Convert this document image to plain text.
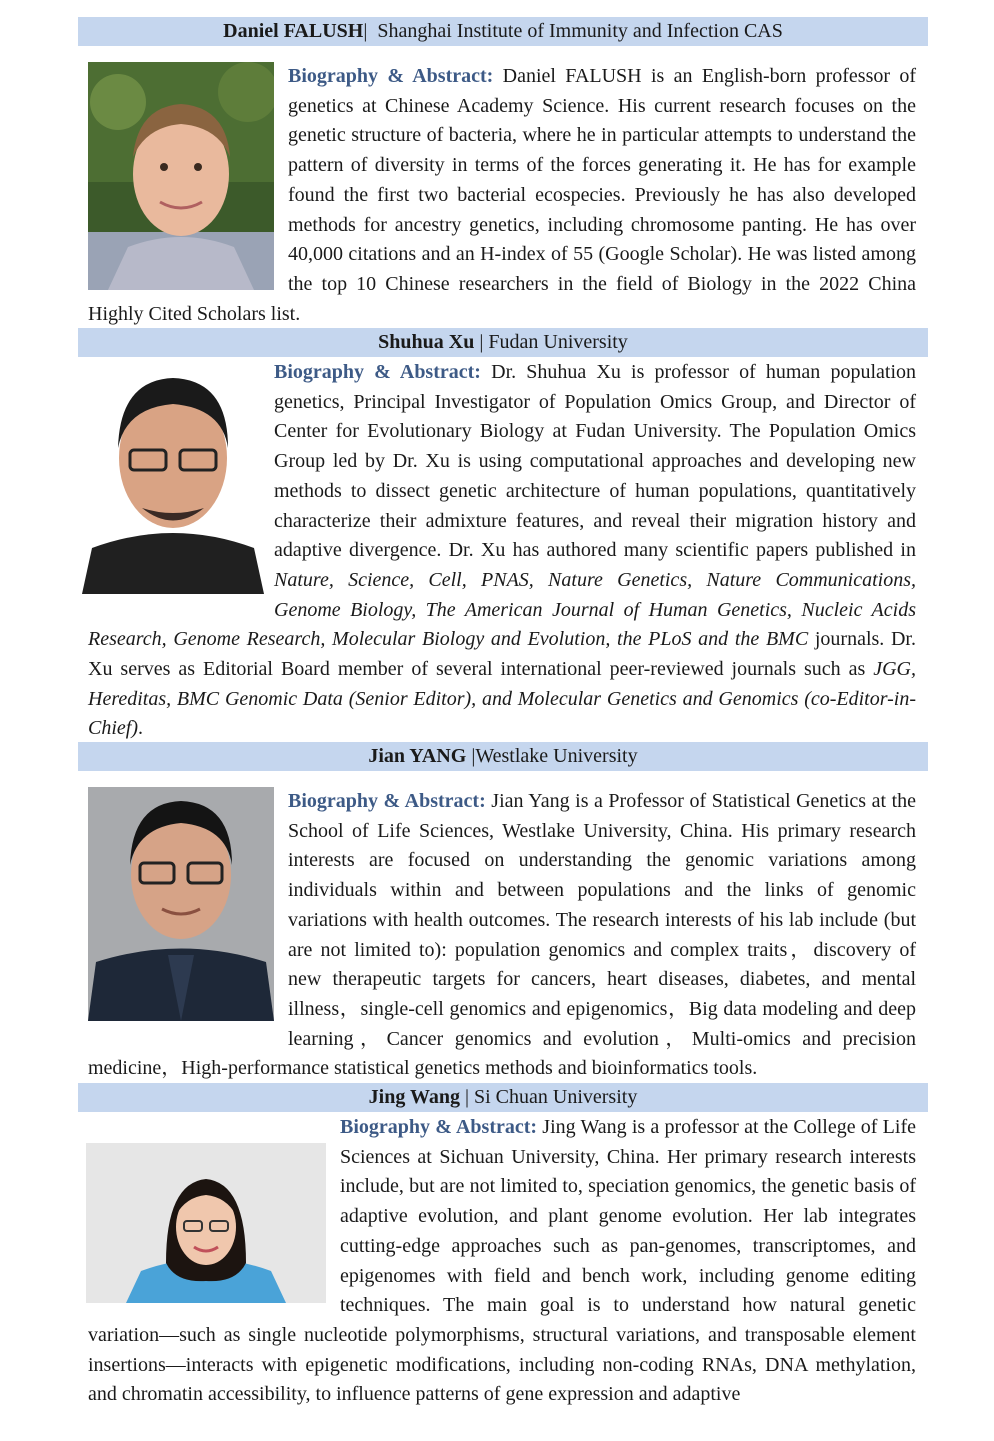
Daniel FALUSH| Shanghai Institute of Immunity and Infection CAS
Biography & Abstract: Daniel FALUSH is an English-born professor of genetics at Chinese Academy Science. His current research focuses on the genetic structure of bacteria, where he in particular attempts to understand the pattern of diversity in terms of the forces generating it. He has for example found the first two bacterial ecospecies. Previously he has also developed methods for ancestry genetics, including chromosome panting. He has over 40,000 citations and an H-index of 55 (Google Scholar). He was listed among the top 10 Chinese researchers in the field of Biology in the 2022 China Highly Cited Scholars list.
Shuhua Xu | Fudan University
Biography & Abstract: Dr. Shuhua Xu is professor of human population genetics, Principal Investigator of Population Omics Group, and Director of Center for Evolutionary Biology at Fudan University. The Population Omics Group led by Dr. Xu is using computational approaches and developing new methods to dissect genetic architecture of human populations, quantitatively characterize their admixture features, and reveal their migration history and adaptive divergence. Dr. Xu has authored many scientific papers published in Nature, Science, Cell, PNAS, Nature Genetics, Nature Communications, Genome Biology, The American Journal of Human Genetics, Nucleic Acids Research, Genome Research, Molecular Biology and Evolution, the PLoS and the BMC journals. Dr. Xu serves as Editorial Board member of several international peer-reviewed journals such as JGG, Hereditas, BMC Genomic Data (Senior Editor), and Molecular Genetics and Genomics (co-Editor-in-Chief).
Jian YANG |Westlake University
Biography & Abstract: Jian Yang is a Professor of Statistical Genetics at the School of Life Sciences, Westlake University, China. His primary research interests are focused on understanding the genomic variations among individuals within and between populations and the links of genomic variations with health outcomes. The research interests of his lab include (but are not limited to): population genomics and complex traits，discovery of new therapeutic targets for cancers, heart diseases, diabetes, and mental illness，single-cell genomics and epigenomics，Big data modeling and deep learning，Cancer genomics and evolution，Multi-omics and precision medicine，High-performance statistical genetics methods and bioinformatics tools.
Jing Wang | Si Chuan University
Biography & Abstract: Jing Wang is a professor at the College of Life Sciences at Sichuan University, China. Her primary research interests include, but are not limited to, speciation genomics, the genetic basis of adaptive evolution, and plant genome evolution. Her lab integrates cutting-edge approaches such as pan-genomes, transcriptomes, and epigenomes with field and bench work, including genome editing techniques. The main goal is to understand how natural genetic variation—such as single nucleotide polymorphisms, structural variations, and transposable element insertions—interacts with epigenetic modifications, including non-coding RNAs, DNA methylation, and chromatin accessibility, to influence patterns of gene expression and adaptive
